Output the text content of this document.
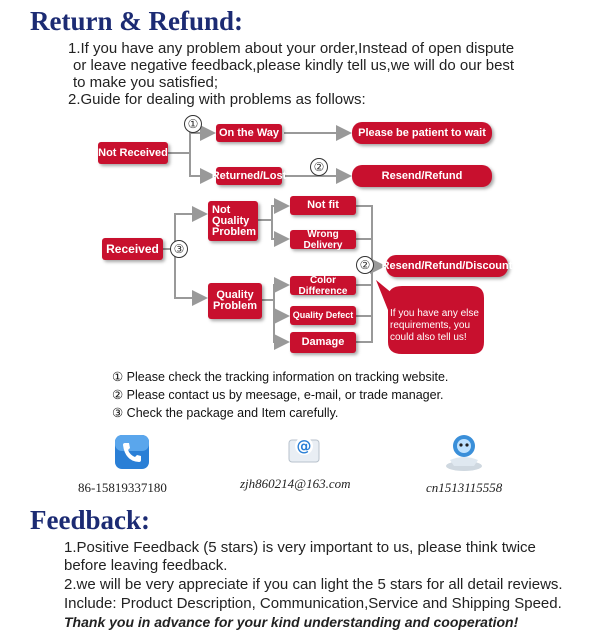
Return & Refund:
1.If you have any problem about your order,Instead of open dispute
or leave negative feedback,please kindly tell us,we will do our best
to make you satisfied;
2.Guide for dealing with problems as follows:
①
②
③
②
Not Received
On the Way	Please be patient to wait
Returned/Lost	Resend/Refund
Received
Not Quality Problem
Not fit
Wrong Delivery
Resend/Refund/Discount
Quality Problem
Color Difference
Quality Defect
Damage
If you have any else requirements, you could also tell us!
① Please check the tracking information on tracking website.
② Please contact us by meesage, e-mail, or trade manager.
③ Check the package and Item carefully.
@
86-15819337180	zjh860214@163.com	cn1513115558
Feedback:
1.Positive Feedback (5 stars) is very important to us, please think twice
before leaving feedback.
2.we will be very appreciate if you can light the 5 stars for all detail reviews.
Include: Product Description, Communication,Service and Shipping Speed.
Thank you in advance for your kind understanding and cooperation!
